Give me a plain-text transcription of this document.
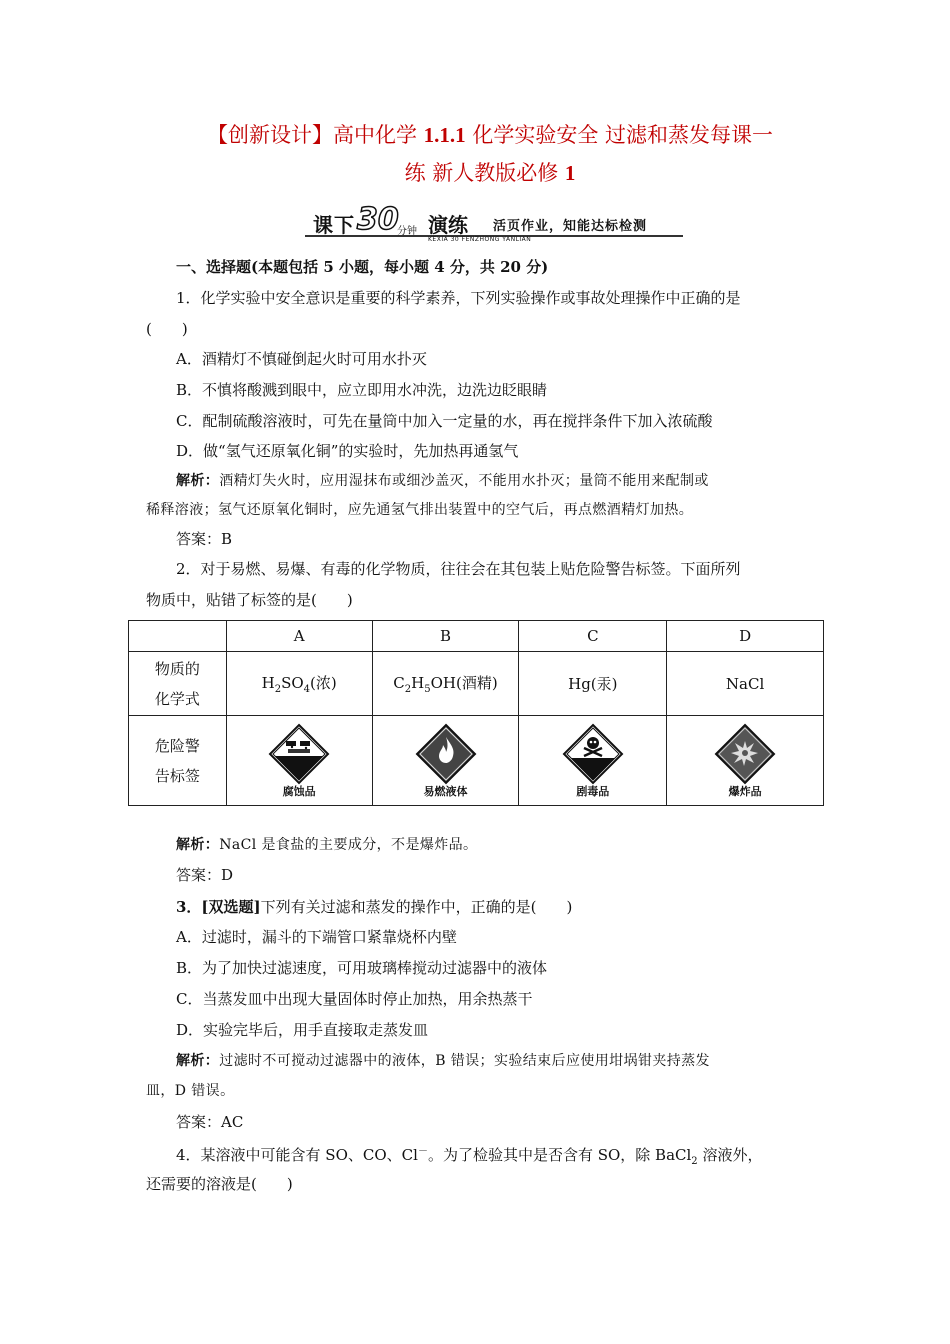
【创新设计】高中化学 1.1.1 化学实验安全 过滤和蒸发每课一
练 新人教版必修 1
课下 30
分钟 演练
KEXIA 30 FENZHONG YANLIAN
活页作业，知能达标检测
一、选择题(本题包括 5 小题，每小题 4 分，共 20 分)
1．化学实验中安全意识是重要的科学素养，下列实验操作或事故处理操作中正确的是
(　　)
A．酒精灯不慎碰倒起火时可用水扑灭
B．不慎将酸溅到眼中，应立即用水冲洗，边洗边眨眼睛
C．配制硫酸溶液时，可先在量筒中加入一定量的水，再在搅拌条件下加入浓硫酸
D．做“氢气还原氧化铜”的实验时，先加热再通氢气
解析：酒精灯失火时，应用湿抹布或细沙盖灭，不能用水扑灭；量筒不能用来配制或
稀释溶液；氢气还原氧化铜时，应先通氢气排出装置中的空气后，再点燃酒精灯加热。
答案：B
2．对于易燃、易爆、有毒的化学物质，往往会在其包装上贴危险警告标签。下面所列
物质中，贴错了标签的是(　　)
	A	B	C	D

物质的
化学式	$H_2SO_4$(浓)	$C_2H_5OH$(酒精)	Hg(汞)	NaCl

危险警
告标签	腐蚀品	易燃液体	剧毒品	爆炸品
解析：NaCl 是食盐的主要成分，不是爆炸品。
答案：D
3．[双选题]下列有关过滤和蒸发的操作中，正确的是(　　)
A．过滤时，漏斗的下端管口紧靠烧杯内壁
B．为了加快过滤速度，可用玻璃棒搅动过滤器中的液体
C．当蒸发皿中出现大量固体时停止加热，用余热蒸干
D．实验完毕后，用手直接取走蒸发皿
解析：过滤时不可搅动过滤器中的液体，B 错误；实验结束后应使用坩埚钳夹持蒸发
皿，D 错误。
答案：AC
4．某溶液中可能含有 SO、CO、Cl－。为了检验其中是否含有 SO，除 BaCl$_2$ 溶液外，
还需要的溶液是(　　)
